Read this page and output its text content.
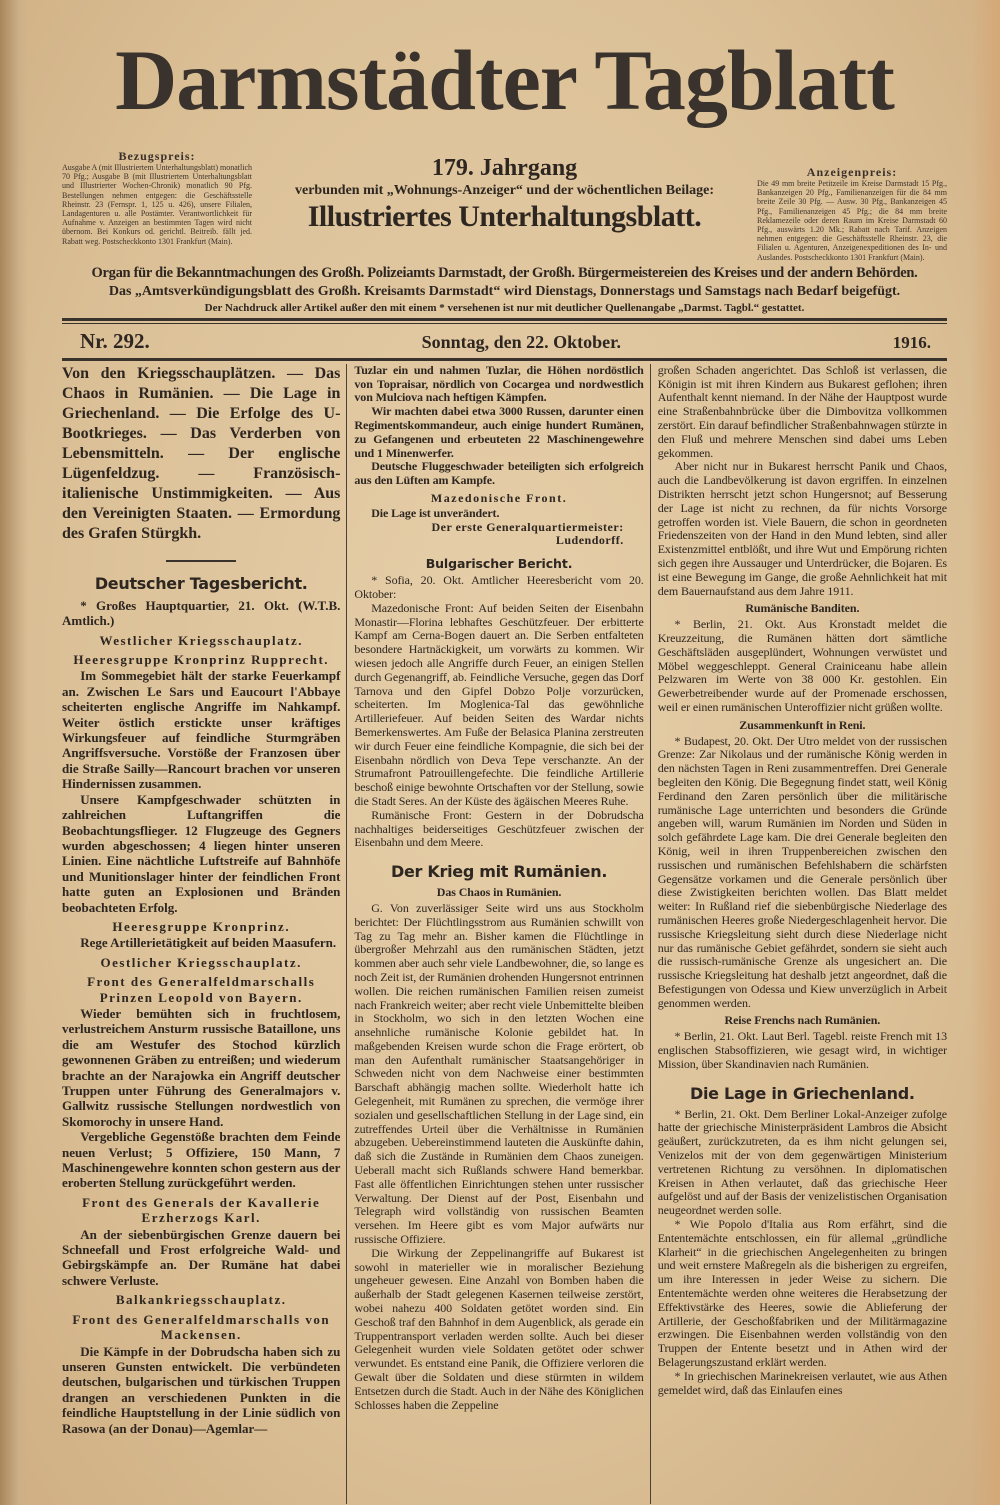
Darmstädter Tagblatt
Bezugspreis:
Ausgabe A (mit Illustriertem Unterhaltungsblatt) monatlich 70 Pfg.; Ausgabe B (mit Illustriertem Unterhaltungsblatt und Illustrierter Wochen-Chronik) monatlich 90 Pfg. Bestellungen nehmen entgegen: die Geschäftsstelle Rheinstr. 23 (Fernspr. 1, 125 u. 426), unsere Filialen, Landagenturen u. alle Postämter. Verantwortlichkeit für Aufnahme v. Anzeigen an bestimmten Tagen wird nicht übernom. Bei Konkurs od. gerichtl. Beitreib. fällt jed. Rabatt weg. Postscheckkonto 1301 Frankfurt (Main).
179. Jahrgang
verbunden mit „Wohnungs-Anzeiger“ und der wöchentlichen Beilage:
Illustriertes Unterhaltungsblatt.
Anzeigenpreis:
Die 49 mm breite Petitzeile im Kreise Darmstadt 15 Pfg., Bankanzeigen 20 Pfg., Familienanzeigen für die 84 mm breite Zeile 30 Pfg. — Ausw. 30 Pfg., Bankanzeigen 45 Pfg., Familienanzeigen 45 Pfg.; die 84 mm breite Reklamezeile oder deren Raum im Kreise Darmstadt 60 Pfg., auswärts 1.20 Mk.; Rabatt nach Tarif. Anzeigen nehmen entgegen: die Geschäftsstelle Rheinstr. 23, die Filialen u. Agenturen, Anzeigenexpeditionen des In- und Auslandes. Postscheckkonto 1301 Frankfurt (Main).
Organ für die Bekanntmachungen des Großh. Polizeiamts Darmstadt, der Großh. Bürgermeistereien des Kreises und der andern Behörden.
Das „Amtsverkündigungsblatt des Großh. Kreisamts Darmstadt“ wird Dienstags, Donnerstags und Samstags nach Bedarf beigefügt.
Der Nachdruck aller Artikel außer den mit einem * versehenen ist nur mit deutlicher Quellenangabe „Darmst. Tagbl.“ gestattet.
Nr. 292.	Sonntag, den 22. Oktober.	1916.

Von den Kriegsschauplätzen. — Das Chaos in Rumänien. — Die Lage in Griechenland. — Die Erfolge des U-Bootkrieges. — Das Verderben von Lebensmitteln. — Der englische Lügenfeldzug. — Französisch-italienische Unstimmigkeiten. — Aus den Vereinigten Staaten. — Ermordung des Grafen Stürgkh.

Deutscher Tagesbericht.

* Großes Hauptquartier, 21. Okt. (W.T.B. Amtlich.)

Westlicher Kriegsschauplatz.
Heeresgruppe Kronprinz Rupprecht.

Im Sommegebiet hält der starke Feuerkampf an. Zwischen Le Sars und Eaucourt l'Abbaye scheiterten englische Angriffe im Nahkampf. Weiter östlich erstickte unser kräftiges Wirkungsfeuer auf feindliche Sturmgräben Angriffsversuche. Vorstöße der Franzosen über die Straße Sailly—Rancourt brachen vor unseren Hindernissen zusammen.

Unsere Kampfgeschwader schützten in zahlreichen Luftangriffen die Beobachtungsflieger. 12 Flugzeuge des Gegners wurden abgeschossen; 4 liegen hinter unseren Linien. Eine nächtliche Luftstreife auf Bahnhöfe und Munitionslager hinter der feindlichen Front hatte guten an Explosionen und Bränden beobachteten Erfolg.

Heeresgruppe Kronprinz.

Rege Artillerietätigkeit auf beiden Maasufern.

Oestlicher Kriegsschauplatz.
Front des Generalfeldmarschalls Prinzen Leopold von Bayern.

Wieder bemühten sich in fruchtlosem, verlustreichem Ansturm russische Bataillone, uns die am Westufer des Stochod kürzlich gewonnenen Gräben zu entreißen; und wiederum brachte an der Narajowka ein Angriff deutscher Truppen unter Führung des Generalmajors v. Gallwitz russische Stellungen nordwestlich von Skomorochy in unsere Hand.

Vergebliche Gegenstöße brachten dem Feinde neuen Verlust; 5 Offiziere, 150 Mann, 7 Maschinengewehre konnten schon gestern aus der eroberten Stellung zurückgeführt werden.

Front des Generals der Kavallerie Erzherzogs Karl.

An der siebenbürgischen Grenze dauern bei Schneefall und Frost erfolgreiche Wald- und Gebirgskämpfe an. Der Rumäne hat dabei schwere Verluste.

Balkankriegsschauplatz.
Front des Generalfeldmarschalls von Mackensen.

Die Kämpfe in der Dobrudscha haben sich zu unseren Gunsten entwickelt. Die verbündeten deutschen, bulgarischen und türkischen Truppen drangen an verschiedenen Punkten in die feindliche Hauptstellung in der Linie südlich von Rasowa (an der Donau)—Agemlar—

Tuzlar ein und nahmen Tuzlar, die Höhen nordöstlich von Topraisar, nördlich von Cocargea und nordwestlich von Mulciova nach heftigen Kämpfen.

Wir machten dabei etwa 3000 Russen, darunter einen Regimentskommandeur, auch einige hundert Rumänen, zu Gefangenen und erbeuteten 22 Maschinengewehre und 1 Minenwerfer.

Deutsche Fluggeschwader beteiligten sich erfolgreich aus den Lüften am Kampfe.

Mazedonische Front.

Die Lage ist unverändert.

Der erste Generalquartiermeister:
Ludendorff.
Bulgarischer Bericht.

* Sofia, 20. Okt. Amtlicher Heeresbericht vom 20. Oktober:

Mazedonische Front: Auf beiden Seiten der Eisenbahn Monastir—Florina lebhaftes Geschützfeuer. Der erbitterte Kampf am Cerna-Bogen dauert an. Die Serben entfalteten besondere Hartnäckigkeit, um vorwärts zu kommen. Wir wiesen jedoch alle Angriffe durch Feuer, an einigen Stellen durch Gegenangriff, ab. Feindliche Versuche, gegen das Dorf Tarnova und den Gipfel Dobzo Polje vorzurücken, scheiterten. Im Moglenica-Tal das gewöhnliche Artilleriefeuer. Auf beiden Seiten des Wardar nichts Bemerkenswertes. Am Fuße der Belasica Planina zerstreuten wir durch Feuer eine feindliche Kompagnie, die sich bei der Eisenbahn nördlich von Deva Tepe verschanzte. An der Strumafront Patrouillengefechte. Die feindliche Artillerie beschoß einige bewohnte Ortschaften vor der Stellung, sowie die Stadt Seres. An der Küste des ägäischen Meeres Ruhe.

Rumänische Front: Gestern in der Dobrudscha nachhaltiges beiderseitiges Geschützfeuer zwischen der Eisenbahn und dem Meere.

Der Krieg mit Rumänien.
Das Chaos in Rumänien.

G. Von zuverlässiger Seite wird uns aus Stockholm berichtet: Der Flüchtlingsstrom aus Rumänien schwillt von Tag zu Tag mehr an. Bisher kamen die Flüchtlinge in übergroßer Mehrzahl aus den rumänischen Städten, jetzt kommen aber auch sehr viele Landbewohner, die, so lange es noch Zeit ist, der Rumänien drohenden Hungersnot entrinnen wollen. Die reichen rumänischen Familien reisen zumeist nach Frankreich weiter; aber recht viele Unbemittelte bleiben in Stockholm, wo sich in den letzten Wochen eine ansehnliche rumänische Kolonie gebildet hat. In maßgebenden Kreisen wurde schon die Frage erörtert, ob man den Aufenthalt rumänischer Staatsangehöriger in Schweden nicht von dem Nachweise einer bestimmten Barschaft abhängig machen sollte. Wiederholt hatte ich Gelegenheit, mit Rumänen zu sprechen, die vermöge ihrer sozialen und gesellschaftlichen Stellung in der Lage sind, ein zutreffendes Urteil über die Verhältnisse in Rumänien abzugeben. Uebereinstimmend lauteten die Auskünfte dahin, daß sich die Zustände in Rumänien dem Chaos zuneigen. Ueberall macht sich Rußlands schwere Hand bemerkbar. Fast alle öffentlichen Einrichtungen stehen unter russischer Verwaltung. Der Dienst auf der Post, Eisenbahn und Telegraph wird vollständig von russischen Beamten versehen. Im Heere gibt es vom Major aufwärts nur russische Offiziere.

Die Wirkung der Zeppelinangriffe auf Bukarest ist sowohl in materieller wie in moralischer Beziehung ungeheuer gewesen. Eine Anzahl von Bomben haben die außerhalb der Stadt gelegenen Kasernen teilweise zerstört, wobei nahezu 400 Soldaten getötet worden sind. Ein Geschoß traf den Bahnhof in dem Augenblick, als gerade ein Truppentransport verladen werden sollte. Auch bei dieser Gelegenheit wurden viele Soldaten getötet oder schwer verwundet. Es entstand eine Panik, die Offiziere verloren die Gewalt über die Soldaten und diese stürmten in wildem Entsetzen durch die Stadt. Auch in der Nähe des Königlichen Schlosses haben die Zeppeline

großen Schaden angerichtet. Das Schloß ist verlassen, die Königin ist mit ihren Kindern aus Bukarest geflohen; ihren Aufenthalt kennt niemand. In der Nähe der Hauptpost wurde eine Straßenbahnbrücke über die Dimbovitza vollkommen zerstört. Ein darauf befindlicher Straßenbahnwagen stürzte in den Fluß und mehrere Menschen sind dabei ums Leben gekommen.

Aber nicht nur in Bukarest herrscht Panik und Chaos, auch die Landbevölkerung ist davon ergriffen. In einzelnen Distrikten herrscht jetzt schon Hungersnot; auf Besserung der Lage ist nicht zu rechnen, da für nichts Vorsorge getroffen worden ist. Viele Bauern, die schon in geordneten Friedenszeiten von der Hand in den Mund lebten, sind aller Existenzmittel entblößt, und ihre Wut und Empörung richten sich gegen ihre Aussauger und Unterdrücker, die Bojaren. Es ist eine Bewegung im Gange, die große Aehnlichkeit hat mit dem Bauernaufstand aus dem Jahre 1911.

Rumänische Banditen.

* Berlin, 21. Okt. Aus Kronstadt meldet die Kreuzzeitung, die Rumänen hätten dort sämtliche Geschäftsläden ausgeplündert, Wohnungen verwüstet und Möbel weggeschleppt. General Crainiceanu habe allein Pelzwaren im Werte von 38 000 Kr. gestohlen. Ein Gewerbetreibender wurde auf der Promenade erschossen, weil er einen rumänischen Unteroffizier nicht grüßen wollte.

Zusammenkunft in Reni.

* Budapest, 20. Okt. Der Utro meldet von der russischen Grenze: Zar Nikolaus und der rumänische König werden in den nächsten Tagen in Reni zusammentreffen. Drei Generale begleiten den König. Die Begegnung findet statt, weil König Ferdinand den Zaren persönlich über die militärische rumänische Lage unterrichten und besonders die Gründe angeben will, warum Rumänien im Norden und Süden in solch gefährdete Lage kam. Die drei Generale begleiten den König, weil in ihren Truppenbereichen zwischen den russischen und rumänischen Befehlshabern die schärfsten Gegensätze vorkamen und die Generale persönlich über diese Zwistigkeiten berichten wollen. Das Blatt meldet weiter: In Rußland rief die siebenbürgische Niederlage des rumänischen Heeres große Niedergeschlagenheit hervor. Die russische Kriegsleitung sieht durch diese Niederlage nicht nur das rumänische Gebiet gefährdet, sondern sie sieht auch die russisch-rumänische Grenze als ungesichert an. Die russische Kriegsleitung hat deshalb jetzt angeordnet, daß die Befestigungen von Odessa und Kiew unverzüglich in Arbeit genommen werden.

Reise Frenchs nach Rumänien.

* Berlin, 21. Okt. Laut Berl. Tagebl. reiste French mit 13 englischen Stabsoffizieren, wie gesagt wird, in wichtiger Mission, über Skandinavien nach Rumänien.

Die Lage in Griechenland.

* Berlin, 21. Okt. Dem Berliner Lokal-Anzeiger zufolge hatte der griechische Ministerpräsident Lambros die Absicht geäußert, zurückzutreten, da es ihm nicht gelungen sei, Venizelos mit der von dem gegenwärtigen Ministerium vertretenen Richtung zu versöhnen. In diplomatischen Kreisen in Athen verlautet, daß das griechische Heer aufgelöst und auf der Basis der venizelistischen Organisation neugeordnet werden solle.

* Wie Popolo d'Italia aus Rom erfährt, sind die Ententemächte entschlossen, ein für allemal „gründliche Klarheit“ in die griechischen Angelegenheiten zu bringen und weit ernstere Maßregeln als die bisherigen zu ergreifen, um ihre Interessen in jeder Weise zu sichern. Die Ententemächte werden ohne weiteres die Herabsetzung der Effektivstärke des Heeres, sowie die Ablieferung der Artillerie, der Geschoßfabriken und der Militärmagazine erzwingen. Die Eisenbahnen werden vollständig von den Truppen der Entente besetzt und in Athen wird der Belagerungszustand erklärt werden.

* In griechischen Marinekreisen verlautet, wie aus Athen gemeldet wird, daß das Einlaufen eines
